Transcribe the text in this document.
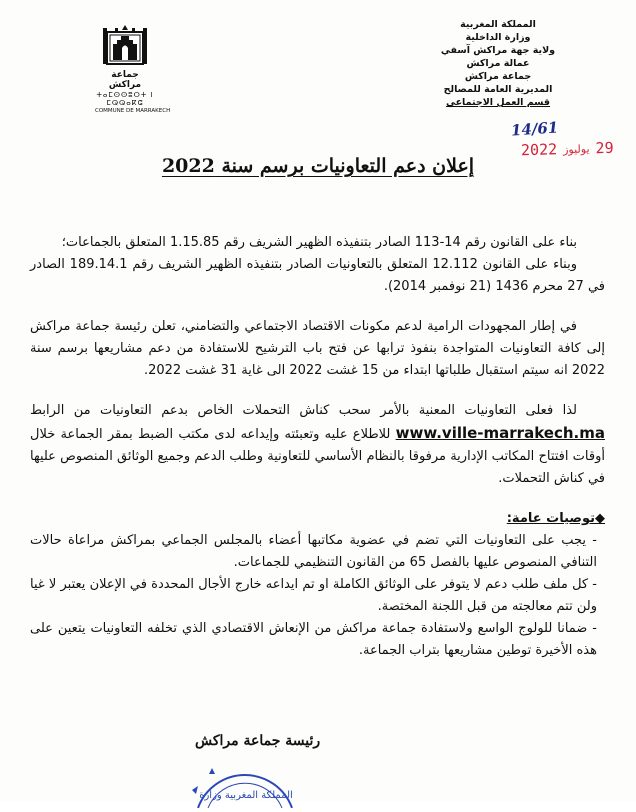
جماعة مراكش
ⵜⴰⵎⵙⵙⵓⵔⵜ ⵏ ⵎⵕⵕⴰⴽⵛ
COMMUNE DE MARRAKECH
المملكة المغربية
وزارة الداخلية
ولاية جهة مراكش آسفي
عمالة مراكش
جماعة مراكش
المديرية العامة للمصالح
قسم العمل الاجتماعي
14/61
29
يوليوز
2022
إعلان دعم التعاونيات برسم سنة 2022

بناء على القانون رقم 14-113 الصادر بتنفيذه الظهير الشريف رقم 1.15.85 المتعلق بالجماعات؛

وبناء على القانون 12.112 المتعلق بالتعاونيات الصادر بتنفيذه الظهير الشريف رقم 189.14.1 الصادر في 27 محرم 1436 (21 نوفمبر 2014).

في إطار المجهودات الرامية لدعم مكونات الاقتصاد الاجتماعي والتضامني، تعلن رئيسة جماعة مراكش إلى كافة التعاونيات المتواجدة بنفوذ ترابها عن فتح باب الترشيح للاستفادة من دعم مشاريعها برسم سنة 2022 انه سيتم استقبال طلباتها ابتداء من 15 غشت 2022 الى غاية 31 غشت 2022.

لذا فعلى التعاونيات المعنية بالأمر سحب كناش التحملات الخاص بدعم التعاونيات من الرابط www.ville-marrakech.ma للاطلاع عليه وتعبئته وإيداعه لدى مكتب الضبط بمقر الجماعة خلال أوقات افتتاح المكاتب الإدارية مرفوقا بالنظام الأساسي للتعاونية وطلب الدعم وجميع الوثائق المنصوص عليها في كناش التحملات.

◆توصيات عامة:

- يجب على التعاونيات التي تضم في عضوية مكاتبها أعضاء بالمجلس الجماعي بمراكش مراعاة حالات التنافي المنصوص عليها بالفصل 65 من القانون التنظيمي للجماعات.

- كل ملف طلب دعم لا يتوفر على الوثائق الكاملة او تم ايداعه خارج الأجال المحددة في الإعلان يعتبر لا غيا ولن تتم معالجته من قبل اللجنة المختصة.

- ضمانا للولوج الواسع ولاستفادة جماعة مراكش من الإنعاش الاقتصادي الذي تخلفه التعاونيات يتعين على هذه الأخيرة توطين مشاريعها بتراب الجماعة.

رئيسة جماعة مراكش
المملكة المغربية وزارة
